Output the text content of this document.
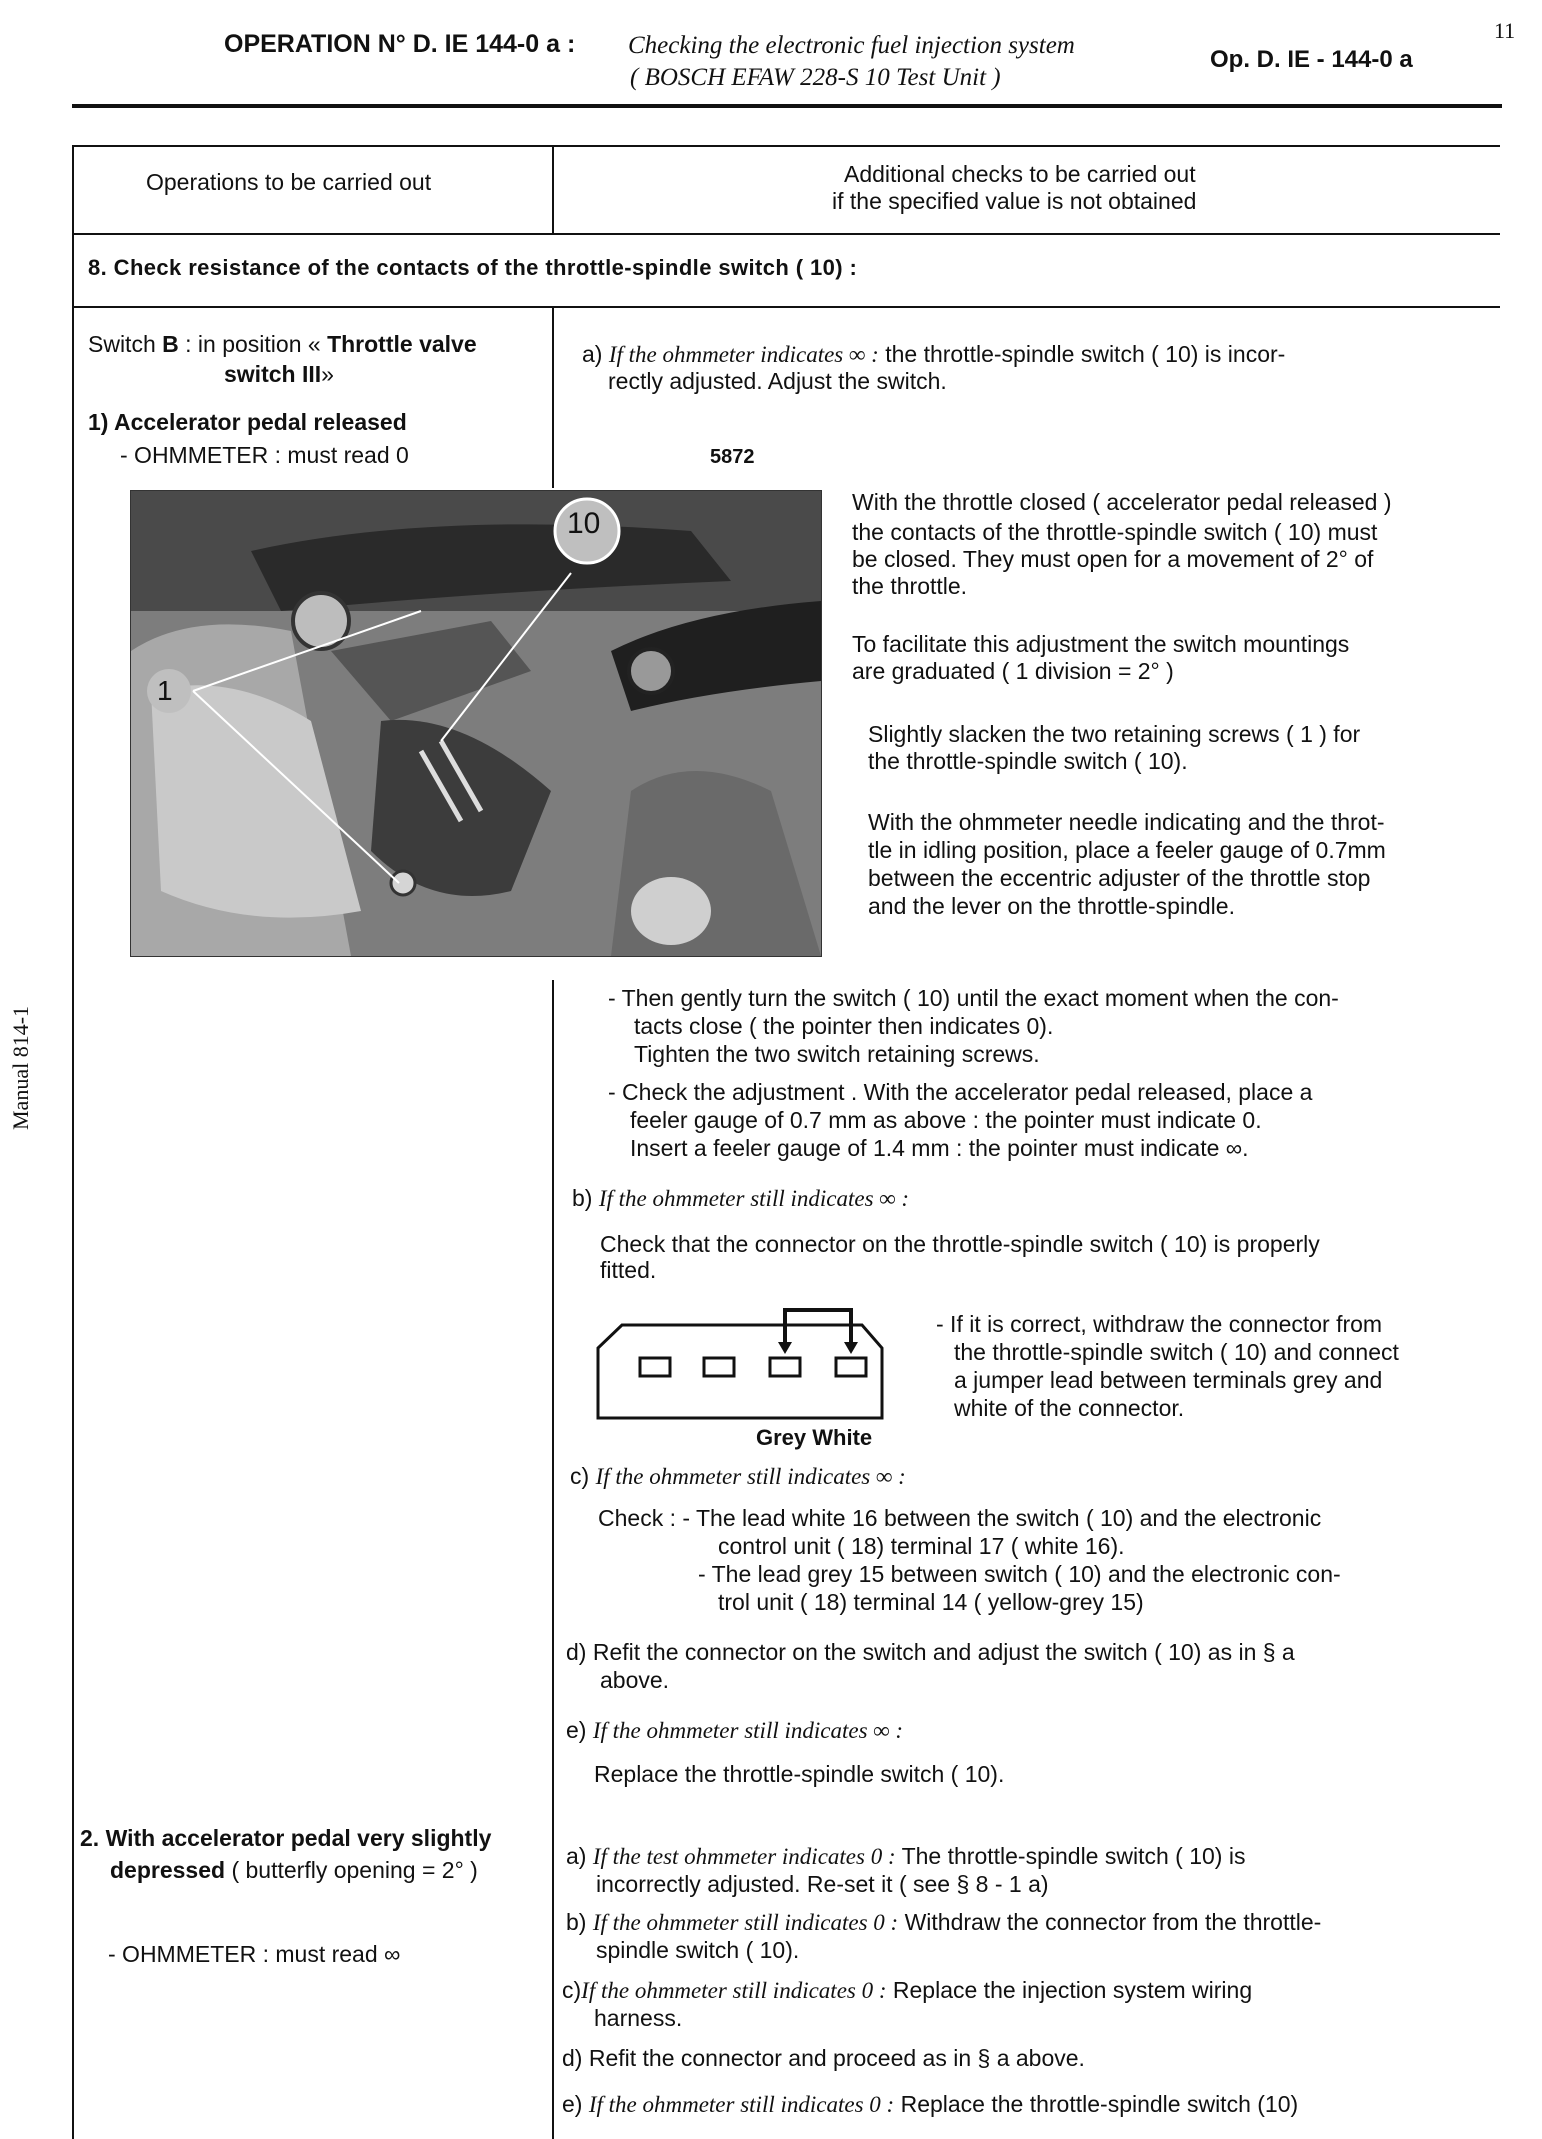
OPERATION N° D. IE 144-0 a : Checking the electronic fuel injection system
( BOSCH EFAW 228-S 10 Test Unit )
Op. D. IE - 144-0 a
11
Manual 814-1
Operations to be carried out	Additional checks to be carried out
if the specified value is not obtained
8. Check resistance of the contacts of the throttle-spindle switch ( 10) :
Switch B : in position « Throttle valve
switch III»
1) Accelerator pedal released
- OHMMETER : must read 0
a) If the ohmmeter indicates ∞ : the throttle-spindle switch ( 10) is incor-
rectly adjusted. Adjust the switch.
5872
10
1
With the throttle closed ( accelerator pedal released )
the contacts of the throttle-spindle switch ( 10) must
be closed. They must open for a movement of 2° of
the throttle.
To facilitate this adjustment the switch mountings
are graduated ( 1 division = 2° )
Slightly slacken the two retaining screws ( 1 ) for
the throttle-spindle switch ( 10).
With the ohmmeter needle indicating and the throt-
tle in idling position, place a feeler gauge of 0.7mm
between the eccentric adjuster of the throttle stop
and the lever on the throttle-spindle.
- Then gently turn the switch ( 10) until the exact moment when the con-
tacts close ( the pointer then indicates 0).
Tighten the two switch retaining screws.
- Check the adjustment . With the accelerator pedal released, place a
feeler gauge of 0.7 mm as above : the pointer must indicate 0.
Insert a feeler gauge of 1.4 mm : the pointer must indicate ∞.
b) If the ohmmeter still indicates ∞ :
Check that the connector on the throttle-spindle switch ( 10) is properly
fitted.
Grey White
- If it is correct, withdraw the connector from
the throttle-spindle switch ( 10) and connect
a jumper lead between terminals grey and
white of the connector.
c) If the ohmmeter still indicates ∞ :
Check : - The lead white 16 between the switch ( 10) and the electronic
control unit ( 18) terminal 17 ( white 16).
- The lead grey 15 between switch ( 10) and the electronic con-
trol unit ( 18) terminal 14 ( yellow-grey 15)
d) Refit the connector on the switch and adjust the switch ( 10) as in § a
above.
e) If the ohmmeter still indicates ∞ :
Replace the throttle-spindle switch ( 10).
2. With accelerator pedal very slightly
depressed ( butterfly opening = 2° )
- OHMMETER : must read ∞
a) If the test ohmmeter indicates 0 : The throttle-spindle switch ( 10) is
incorrectly adjusted. Re-set it ( see § 8 - 1 a)
b) If the ohmmeter still indicates 0 : Withdraw the connector from the throttle-
spindle switch ( 10).
c)If the ohmmeter still indicates 0 : Replace the injection system wiring
harness.
d) Refit the connector and proceed as in § a above.
e) If the ohmmeter still indicates 0 : Replace the throttle-spindle switch (10)
